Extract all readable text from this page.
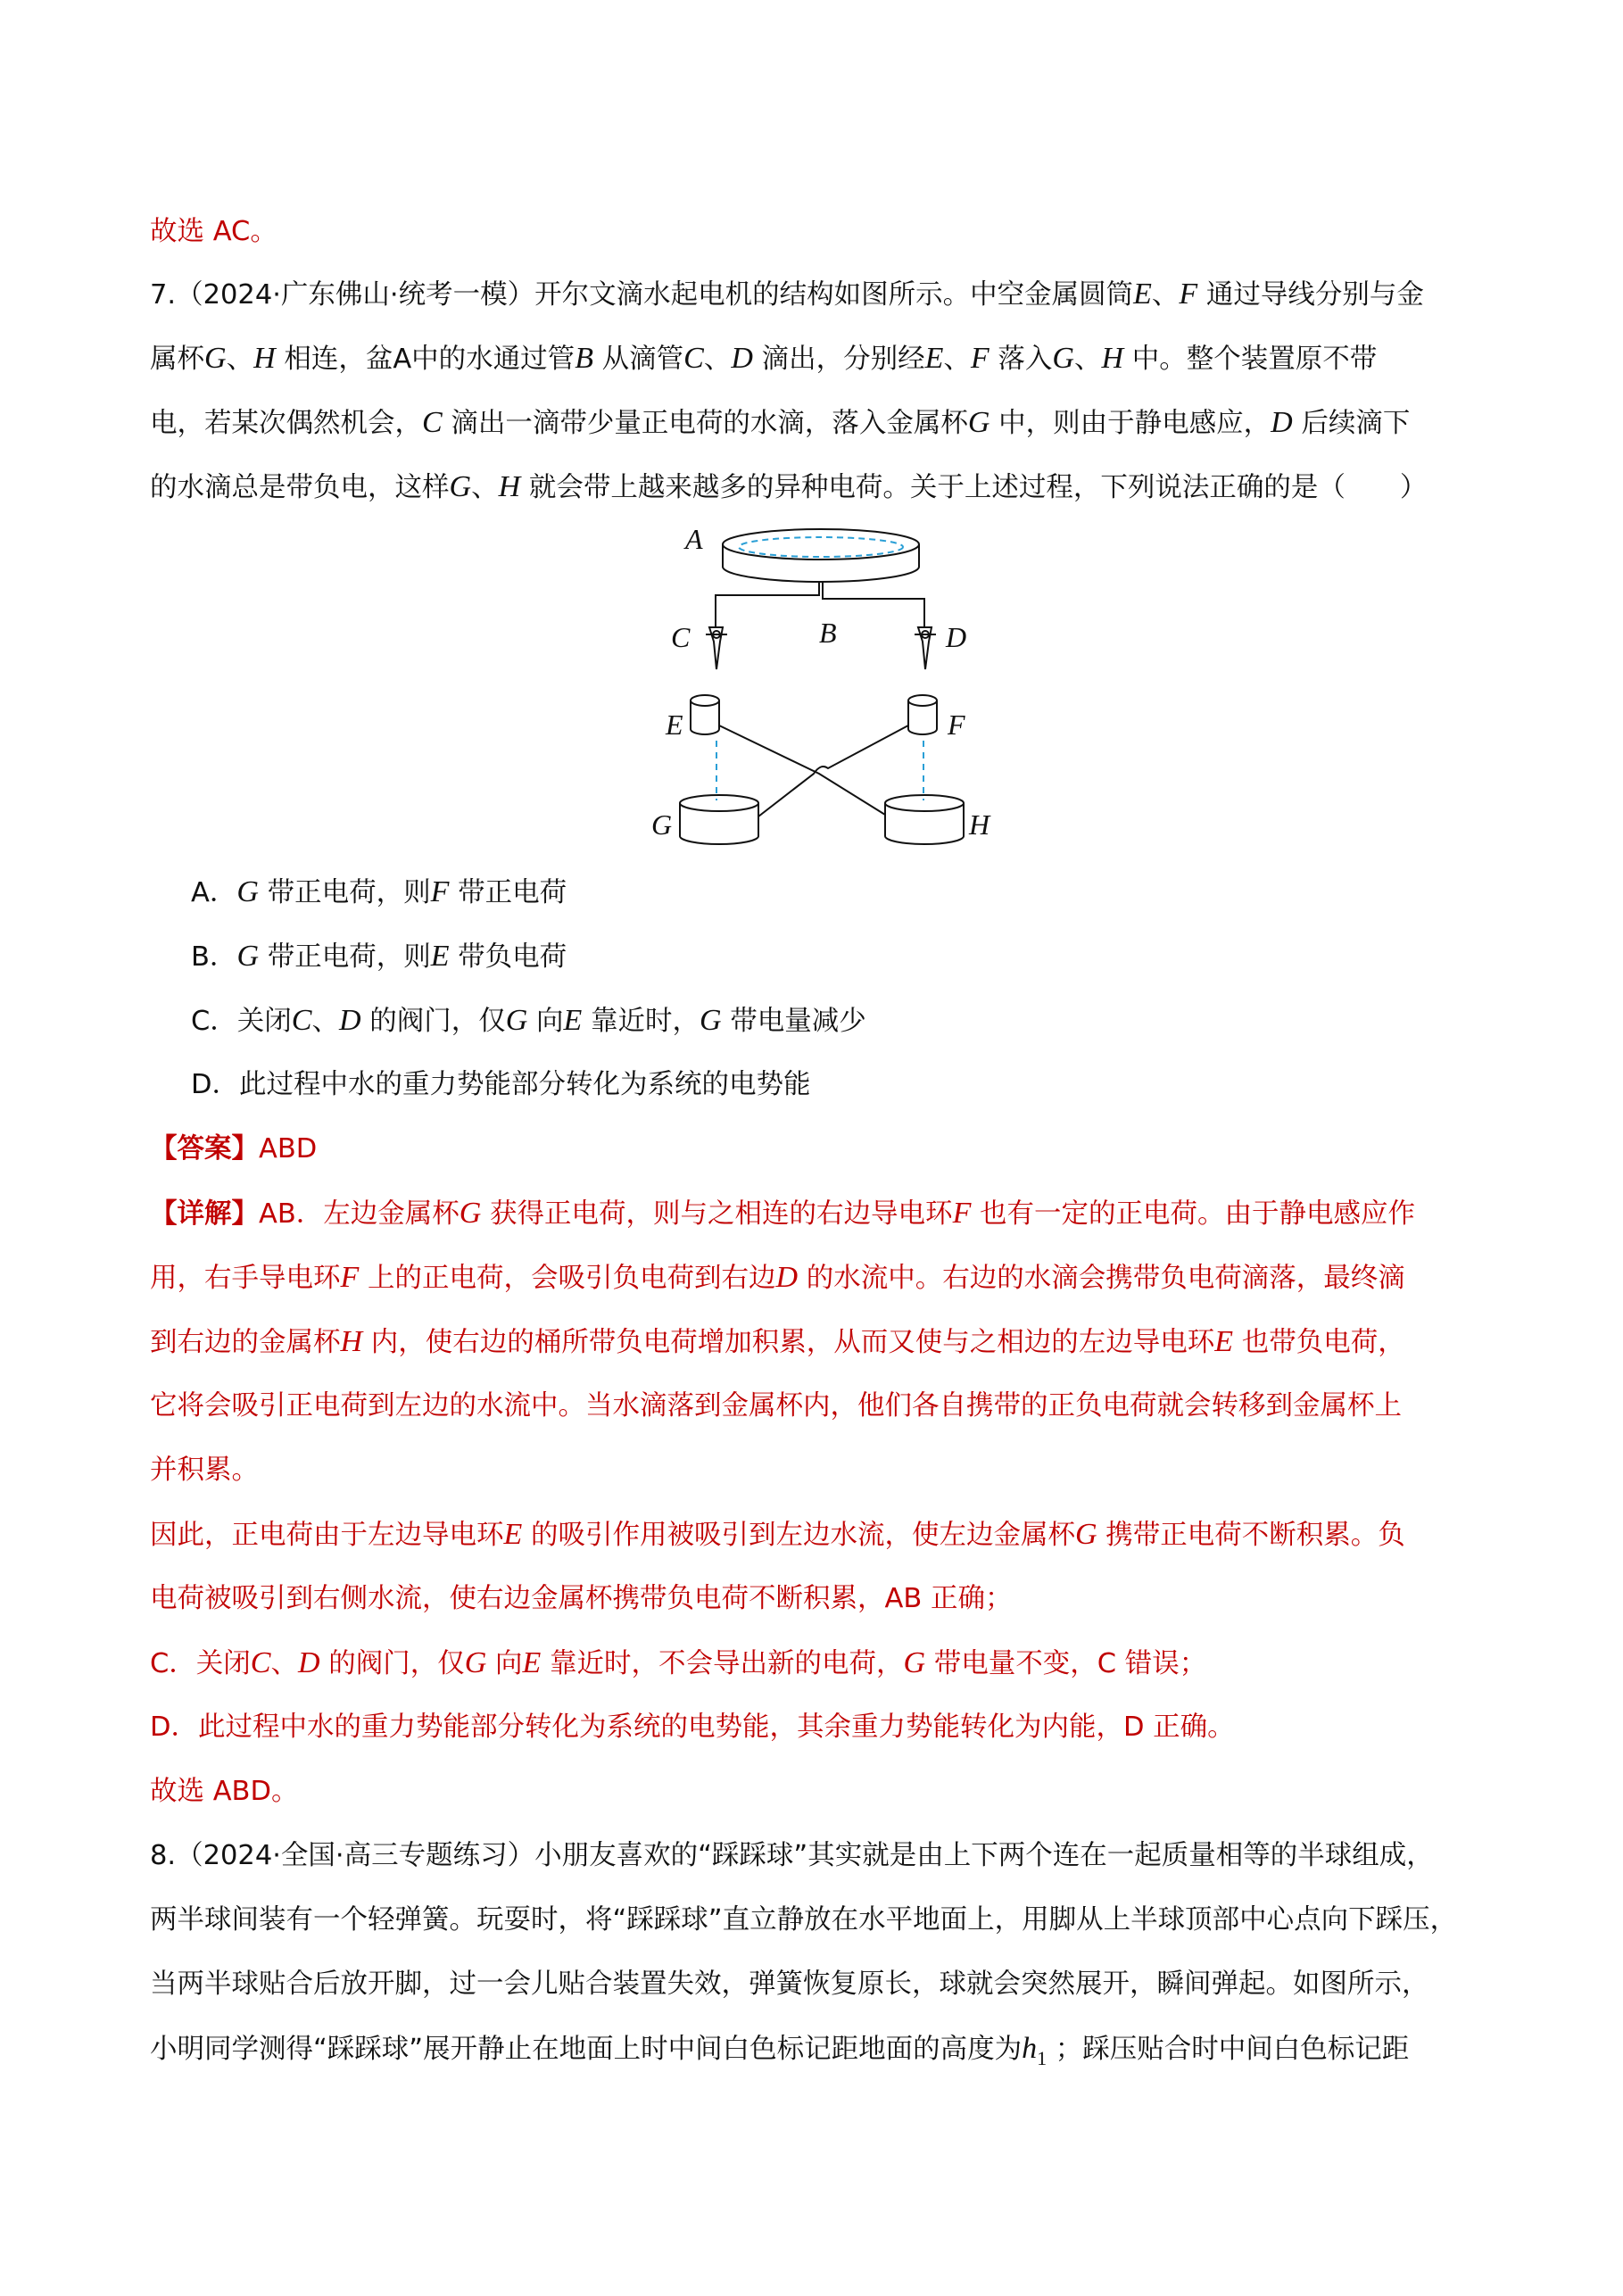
故选 AC。
7.（2024·广东佛山·统考一模）开尔文滴水起电机的结构如图所示。中空金属圆筒E、F 通过导线分别与金
属杯G、H 相连，盆A中的水通过管B 从滴管C、D 滴出，分别经E、F 落入G、H 中。整个装置原不带
电，若某次偶然机会，C 滴出一滴带少量正电荷的水滴，落入金属杯G 中，则由于静电感应，D 后续滴下
的水滴总是带负电，这样G、H 就会带上越来越多的异种电荷。关于上述过程，下列说法正确的是（　　）
A
B
C	D
E	F
G	H
A．G 带正电荷，则F 带正电荷
B．G 带正电荷，则E 带负电荷
C．关闭C、D 的阀门，仅G 向E 靠近时，G 带电量减少
D．此过程中水的重力势能部分转化为系统的电势能
【答案】ABD
【详解】AB．左边金属杯G 获得正电荷，则与之相连的右边导电环F 也有一定的正电荷。由于静电感应作
用，右手导电环F 上的正电荷，会吸引负电荷到右边D 的水流中。右边的水滴会携带负电荷滴落，最终滴
到右边的金属杯H 内，使右边的桶所带负电荷增加积累，从而又使与之相边的左边导电环E 也带负电荷，
它将会吸引正电荷到左边的水流中。当水滴落到金属杯内，他们各自携带的正负电荷就会转移到金属杯上
并积累。
因此，正电荷由于左边导电环E 的吸引作用被吸引到左边水流，使左边金属杯G 携带正电荷不断积累。负
电荷被吸引到右侧水流，使右边金属杯携带负电荷不断积累，AB 正确；
C．关闭C、D 的阀门，仅G 向E 靠近时，不会导出新的电荷，G 带电量不变，C 错误；
D．此过程中水的重力势能部分转化为系统的电势能，其余重力势能转化为内能，D 正确。
故选 ABD。
8.（2024·全国·高三专题练习）小朋友喜欢的“踩踩球”其实就是由上下两个连在一起质量相等的半球组成，
两半球间装有一个轻弹簧。玩耍时，将“踩踩球”直立静放在水平地面上，用脚从上半球顶部中心点向下踩压，
当两半球贴合后放开脚，过一会儿贴合装置失效，弹簧恢复原长，球就会突然展开，瞬间弹起。如图所示，
小明同学测得“踩踩球”展开静止在地面上时中间白色标记距地面的高度为$h_1$ ；踩压贴合时中间白色标记距
